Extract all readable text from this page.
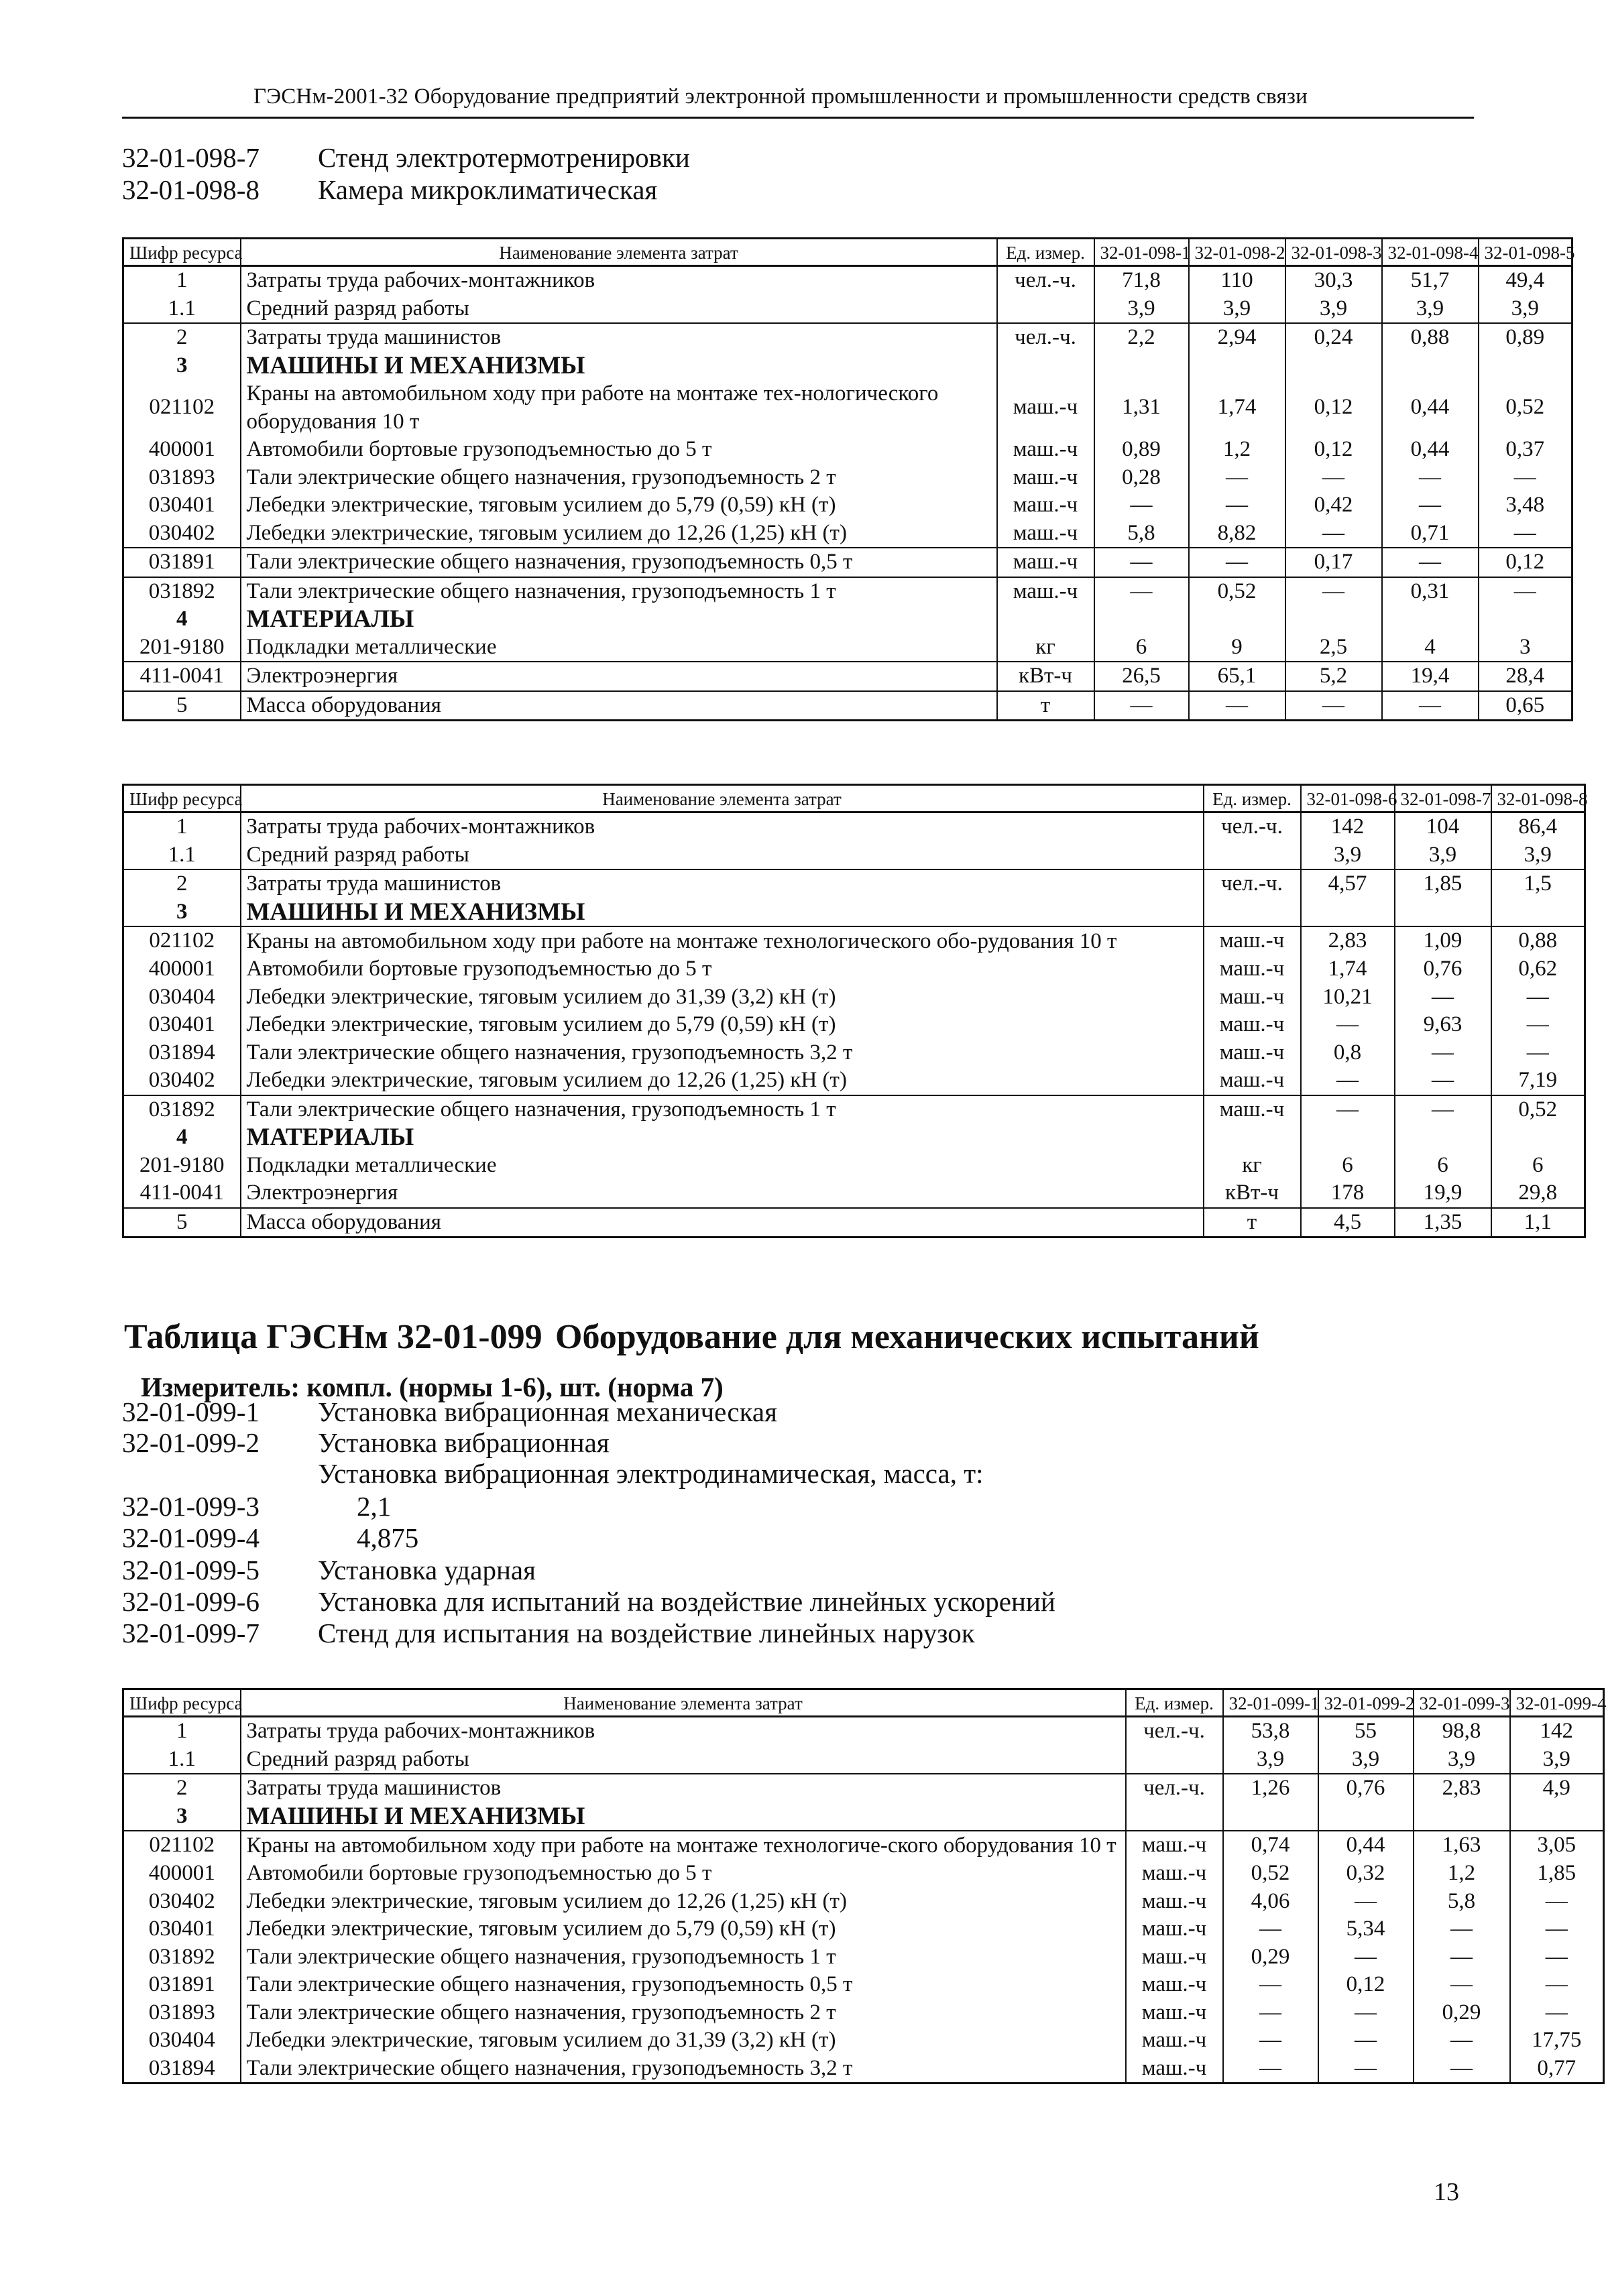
ГЭСНм-2001-32 Оборудование предприятий электронной промышленности и промышленности средств связи
32-01-098-7 Стенд электротермотренировки
32-01-098-8 Камера микроклиматическая
Шифр ресурса	Наименование элемента затрат	Ед. измер.	32-01-098-1	32-01-098-2	32-01-098-3	32-01-098-4	32-01-098-5
1	Затраты труда рабочих-монтажников	чел.-ч.	71,8	110	30,3	51,7	49,4
1.1	Средний разряд работы		3,9	3,9	3,9	3,9	3,9
2	Затраты труда машинистов	чел.-ч.	2,2	2,94	0,24	0,88	0,89
3	МАШИНЫ И МЕХАНИЗМЫ						
021102	Краны на автомобильном ходу при работе на монтаже тех-нологического оборудования 10 т	маш.-ч	1,31	1,74	0,12	0,44	0,52
400001	Автомобили бортовые грузоподъемностью до 5 т	маш.-ч	0,89	1,2	0,12	0,44	0,37
031893	Тали электрические общего назначения, грузоподъемность 2 т	маш.-ч	0,28	—	—	—	—
030401	Лебедки электрические, тяговым усилием до 5,79 (0,59) кН (т)	маш.-ч	—	—	0,42	—	3,48
030402	Лебедки электрические, тяговым усилием до 12,26 (1,25) кН (т)	маш.-ч	5,8	8,82	—	0,71	—
031891	Тали электрические общего назначения, грузоподъемность 0,5 т	маш.-ч	—	—	0,17	—	0,12
031892	Тали электрические общего назначения, грузоподъемность 1 т	маш.-ч	—	0,52	—	0,31	—
4	МАТЕРИАЛЫ						
201-9180	Подкладки металлические	кг	6	9	2,5	4	3
411-0041	Электроэнергия	кВт-ч	26,5	65,1	5,2	19,4	28,4
5	Масса оборудования	т	—	—	—	—	0,65
Шифр ресурса	Наименование элемента затрат	Ед. измер.	32-01-098-6	32-01-098-7	32-01-098-8
1	Затраты труда рабочих-монтажников	чел.-ч.	142	104	86,4
1.1	Средний разряд работы		3,9	3,9	3,9
2	Затраты труда машинистов	чел.-ч.	4,57	1,85	1,5
3	МАШИНЫ И МЕХАНИЗМЫ				
021102	Краны на автомобильном ходу при работе на монтаже технологического обо-рудования 10 т	маш.-ч	2,83	1,09	0,88
400001	Автомобили бортовые грузоподъемностью до 5 т	маш.-ч	1,74	0,76	0,62
030404	Лебедки электрические, тяговым усилием до 31,39 (3,2) кН (т)	маш.-ч	10,21	—	—
030401	Лебедки электрические, тяговым усилием до 5,79 (0,59) кН (т)	маш.-ч	—	9,63	—
031894	Тали электрические общего назначения, грузоподъемность 3,2 т	маш.-ч	0,8	—	—
030402	Лебедки электрические, тяговым усилием до 12,26 (1,25) кН (т)	маш.-ч	—	—	7,19
031892	Тали электрические общего назначения, грузоподъемность 1 т	маш.-ч	—	—	0,52
4	МАТЕРИАЛЫ				
201-9180	Подкладки металлические	кг	6	6	6
411-0041	Электроэнергия	кВт-ч	178	19,9	29,8
5	Масса оборудования	т	4,5	1,35	1,1
Таблица ГЭСНм 32-01-099 Оборудование для механических испытаний
Измеритель: компл. (нормы 1-6), шт. (норма 7)
32-01-099-1 Установка вибрационная механическая
32-01-099-2 Установка вибрационная
Установка вибрационная электродинамическая, масса, т:
32-01-099-3	2,1
32-01-099-4	4,875
32-01-099-5 Установка ударная
32-01-099-6 Установка для испытаний на воздействие линейных ускорений
32-01-099-7 Стенд для испытания на воздействие линейных нарузок
Шифр ресурса	Наименование элемента затрат	Ед. измер.	32-01-099-1	32-01-099-2	32-01-099-3	32-01-099-4
1	Затраты труда рабочих-монтажников	чел.-ч.	53,8	55	98,8	142
1.1	Средний разряд работы		3,9	3,9	3,9	3,9
2	Затраты труда машинистов	чел.-ч.	1,26	0,76	2,83	4,9
3	МАШИНЫ И МЕХАНИЗМЫ					
021102	Краны на автомобильном ходу при работе на монтаже технологиче-ского оборудования 10 т	маш.-ч	0,74	0,44	1,63	3,05
400001	Автомобили бортовые грузоподъемностью до 5 т	маш.-ч	0,52	0,32	1,2	1,85
030402	Лебедки электрические, тяговым усилием до 12,26 (1,25) кН (т)	маш.-ч	4,06	—	5,8	—
030401	Лебедки электрические, тяговым усилием до 5,79 (0,59) кН (т)	маш.-ч	—	5,34	—	—
031892	Тали электрические общего назначения, грузоподъемность 1 т	маш.-ч	0,29	—	—	—
031891	Тали электрические общего назначения, грузоподъемность 0,5 т	маш.-ч	—	0,12	—	—
031893	Тали электрические общего назначения, грузоподъемность 2 т	маш.-ч	—	—	0,29	—
030404	Лебедки электрические, тяговым усилием до 31,39 (3,2) кН (т)	маш.-ч	—	—	—	17,75
031894	Тали электрические общего назначения, грузоподъемность 3,2 т	маш.-ч	—	—	—	0,77
13
